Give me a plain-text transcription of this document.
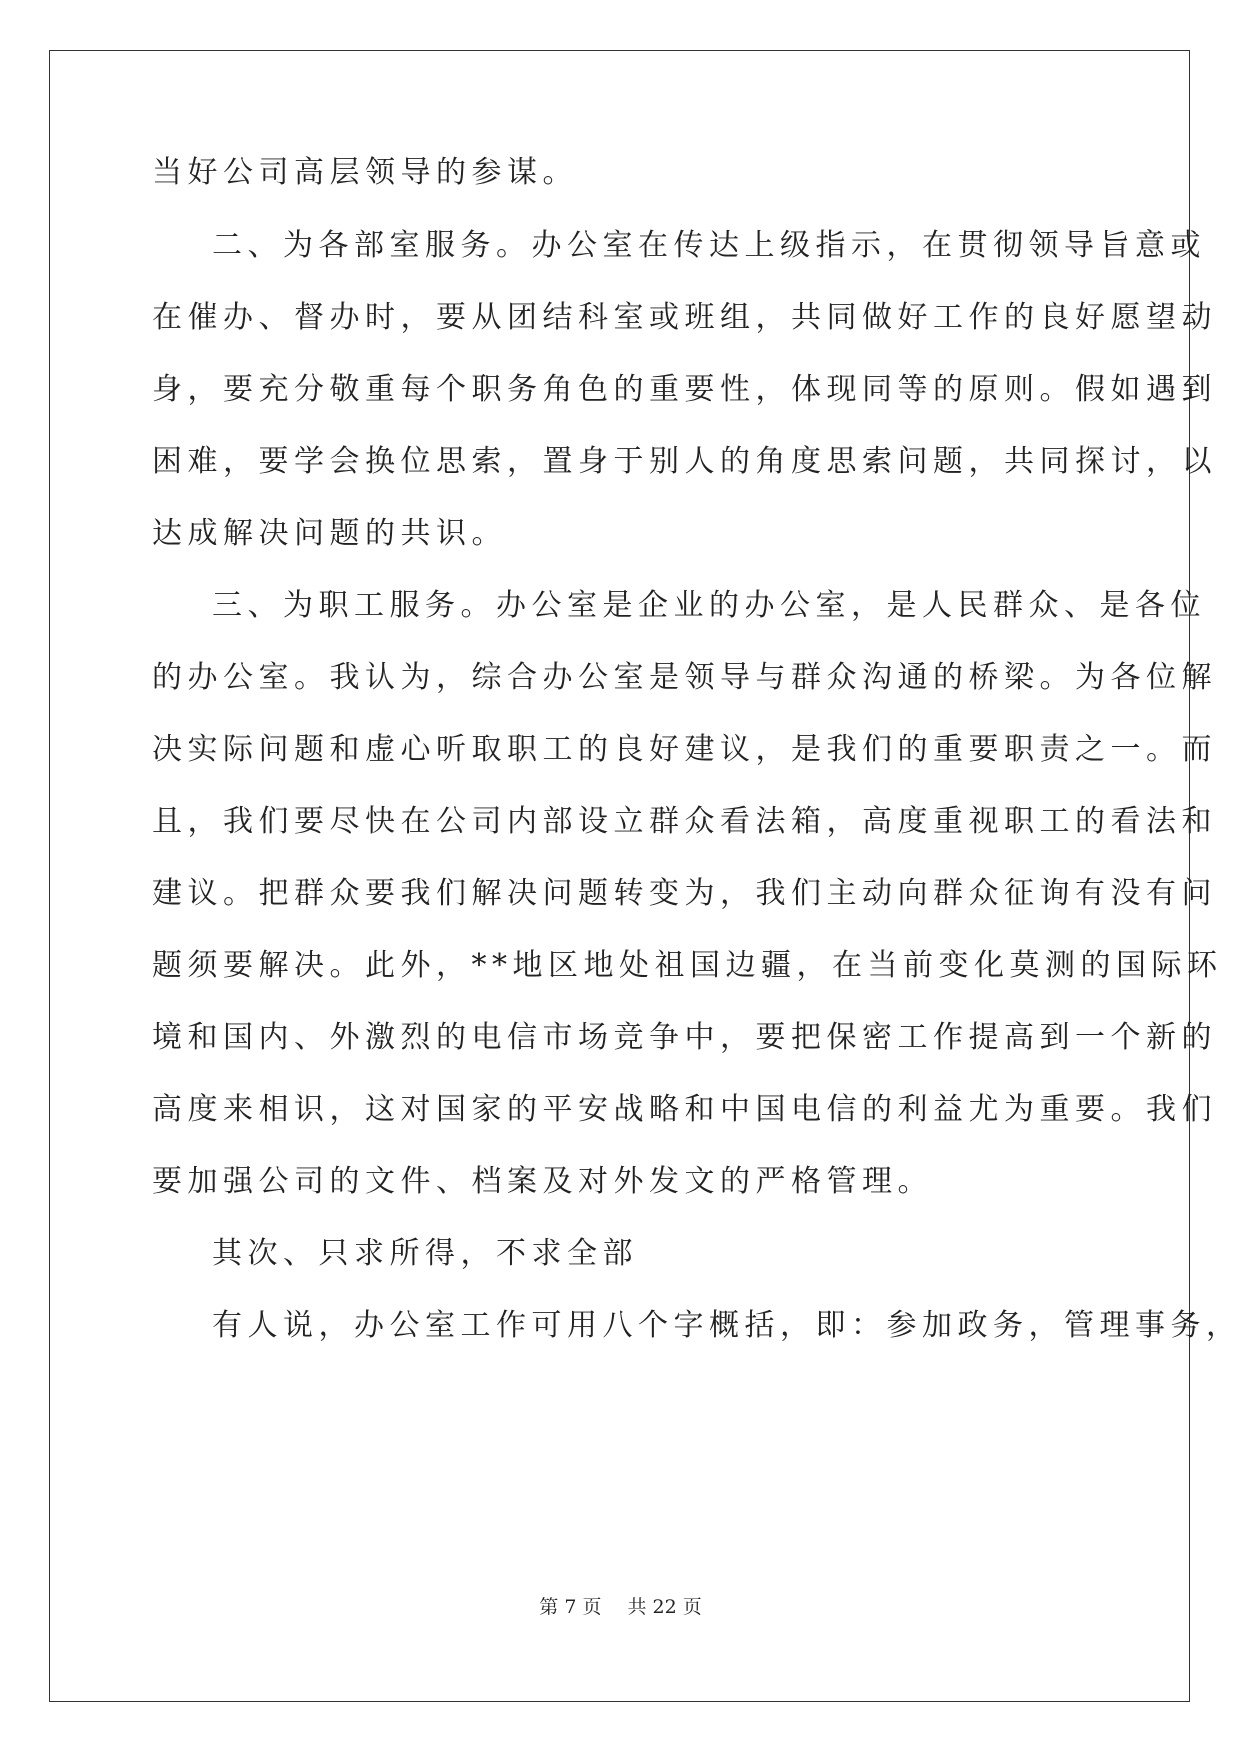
当好公司高层领导的参谋。
二、为各部室服务。办公室在传达上级指示，在贯彻领导旨意或
在催办、督办时，要从团结科室或班组，共同做好工作的良好愿望动
身，要充分敬重每个职务角色的重要性，体现同等的原则。假如遇到
困难，要学会换位思索，置身于别人的角度思索问题，共同探讨，以
达成解决问题的共识。
三、为职工服务。办公室是企业的办公室，是人民群众、是各位
的办公室。我认为，综合办公室是领导与群众沟通的桥梁。为各位解
决实际问题和虚心听取职工的良好建议，是我们的重要职责之一。而
且，我们要尽快在公司内部设立群众看法箱，高度重视职工的看法和
建议。把群众要我们解决问题转变为，我们主动向群众征询有没有问
题须要解决。此外，**地区地处祖国边疆，在当前变化莫测的国际环
境和国内、外激烈的电信市场竞争中，要把保密工作提高到一个新的
高度来相识，这对国家的平安战略和中国电信的利益尤为重要。我们
要加强公司的文件、档案及对外发文的严格管理。
其次、只求所得，不求全部
有人说，办公室工作可用八个字概括，即：参加政务，管理事务，
第 7 页 共 22 页
